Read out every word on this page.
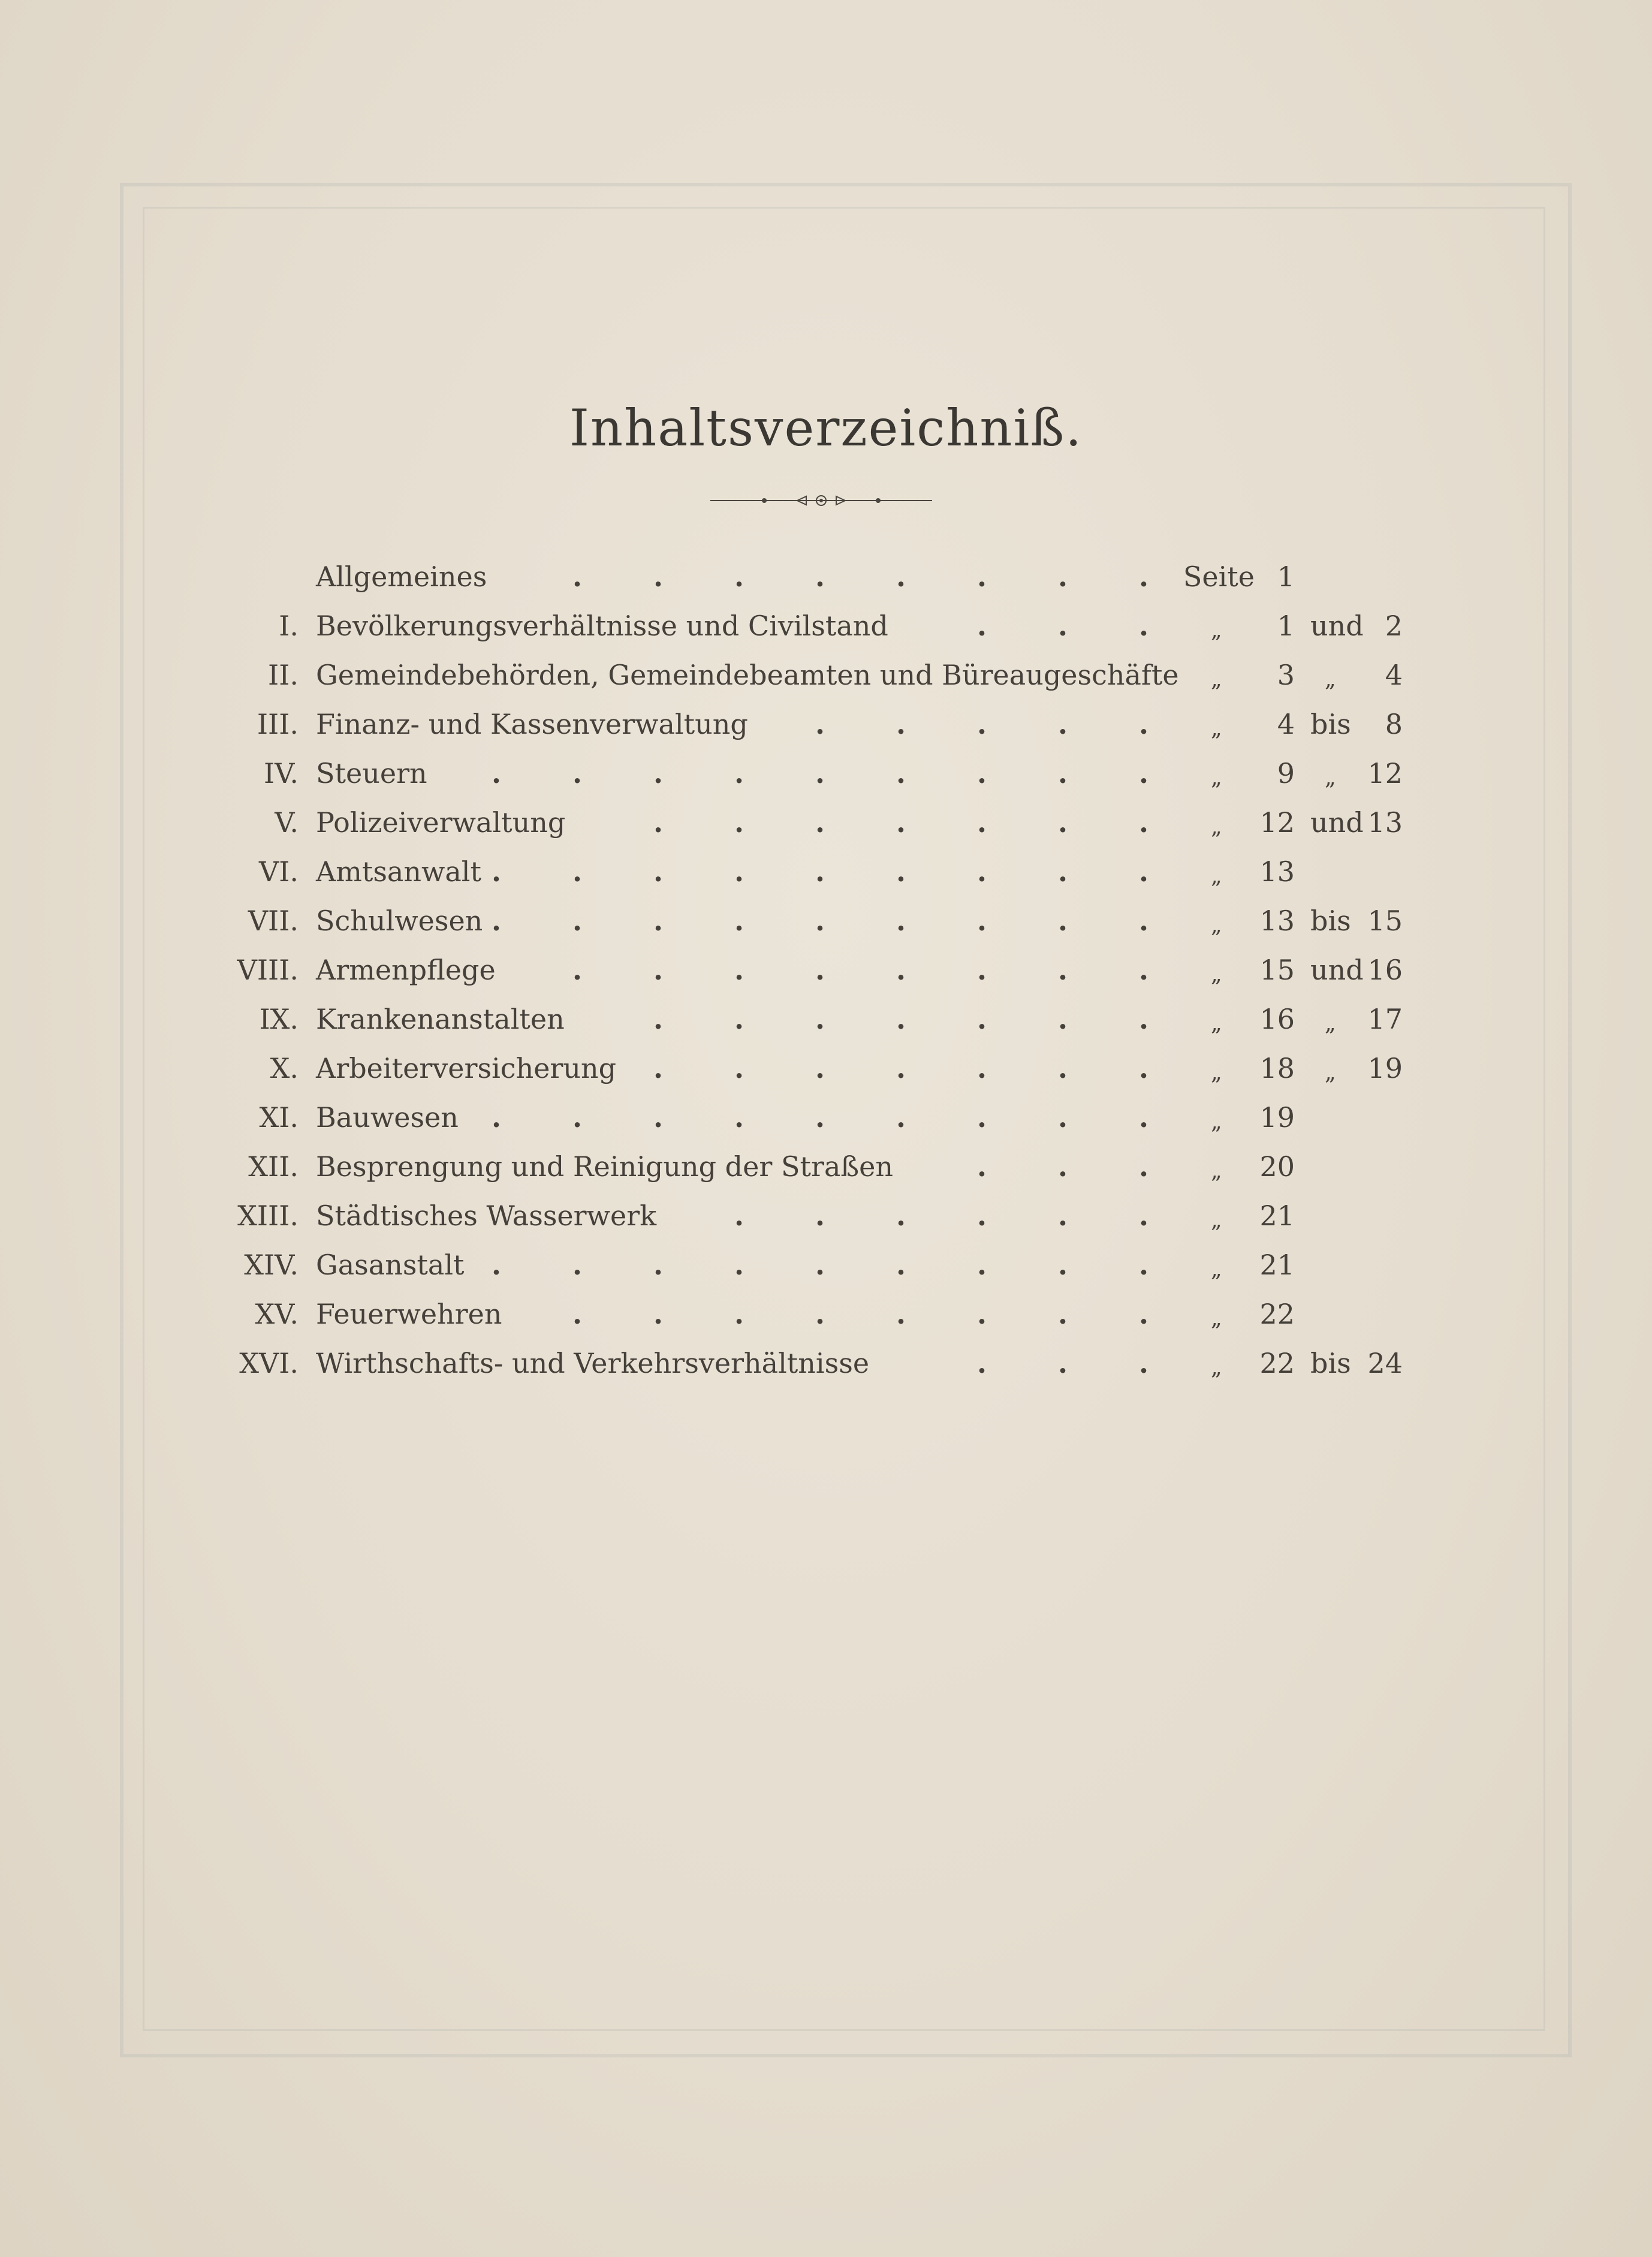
Inhaltsverzeichniß.
Allgemeines	.	.	.	.	.	.	.	. Seite 1
I. Bevölkerungsverhältnisse und Civilstand	.	.	.	„ 1 und 2
II. Gemeindebehörden, Gemeindebeamten und Büreaugeschäfte „ 3 „ 4
III. Finanz- und Kassenverwaltung .	.	.	.	.	„ 4 bis 8
IV. Steuern .	.	.	.	.	.	.	.	.	„ 9 „ 12
V. Polizeiverwaltung	.	.	.	.	.	.	.	„ 12 und 13
VI. Amtsanwalt .	.	.	.	.	.	.	.	.	„ 13
VII. Schulwesen .	.	.	.	.	.	.	.	.	„ 13 bis 15
VIII. Armenpflege	.	.	.	.	.	.	.	.	„ 15 und 16
IX. Krankenanstalten	.	.	.	.	.	.	.	„ 16 „ 17
X. Arbeiterversicherung .	.	.	.	.	.	.	„ 18 „ 19
XI. Bauwesen .	.	.	.	.	.	.	.	.	„ 19
XII. Besprengung und Reinigung der Straßen	.	.	.	„ 20
XIII. Städtisches Wasserwerk	.	.	.	.	.	.	„ 21
XIV. Gasanstalt .	.	.	.	.	.	.	.	.	„ 21
XV. Feuerwehren	.	.	.	.	.	.	.	.	„ 22
XVI. Wirthschafts- und Verkehrsverhältnisse	.	.	.	„ 22 bis 24
